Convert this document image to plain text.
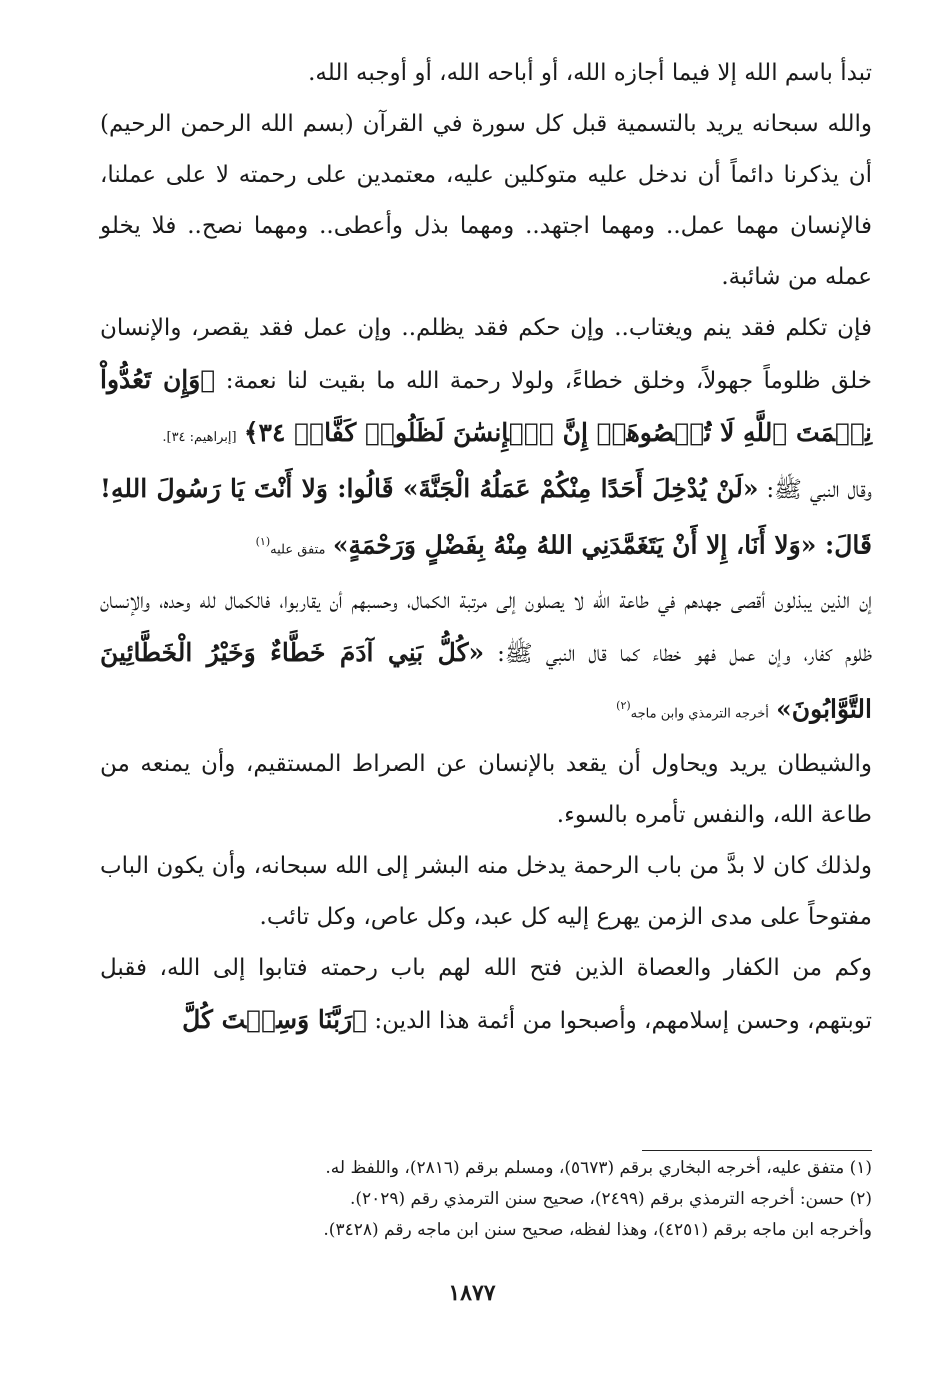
تبدأ باسم الله إلا فيما أجازه الله، أو أباحه الله، أو أوجبه الله.

والله سبحانه يريد بالتسمية قبل كل سورة في القرآن (بسم الله الرحمن الرحيم) أن يذكرنا دائماً أن ندخل عليه متوكلين عليه، معتمدين على رحمته لا على عملنا، فالإنسان مهما عمل.. ومهما اجتهد.. ومهما بذل وأعطى.. ومهما نصح.. فلا يخلو عمله من شائبة.

فإن تكلم فقد ينم ويغتاب.. وإن حكم فقد يظلم.. وإن عمل فقد يقصر، والإنسان خلق ظلوماً جهولاً، وخلق خطاءً، ولولا رحمة الله ما بقيت لنا نعمة: ﴿وَإِن تَعُدُّواْ نِعۡمَتَ ٱللَّهِ لَا تُحۡصُوهَآۗ إِنَّ ٱلۡإِنسَٰنَ لَظَلُومٞ كَفَّارٞ ٣٤﴾ [إبراهيم: ٣٤].

وقال النبي ﷺ: «لَنْ يُدْخِلَ أَحَدًا مِنْكُمْ عَمَلُهُ الْجَنَّةَ» قَالُوا: وَلا أَنْتَ يَا رَسُولَ اللهِ! قَالَ: «وَلا أَنَا، إِلا أَنْ يَتَغَمَّدَنِي اللهُ مِنْهُ بِفَضْلٍ وَرَحْمَةٍ» متفق عليه$^{(١)}$

إن الذين يبذلون أقصى جهدهم في طاعة الله لا يصلون إلى مرتبة الكمال، وحسبهم أن يقاربوا، فالكمال لله وحده، والإنسان ظلوم كفار، وإن عمل فهو خطاء كما قال النبي ﷺ: «كُلُّ بَنِي آدَمَ خَطَّاءٌ وَخَيْرُ الْخَطَّائِينَ التَّوَّابُونَ» أخرجه الترمذي وابن ماجه$^{(٢)}$

والشيطان يريد ويحاول أن يقعد بالإنسان عن الصراط المستقيم، وأن يمنعه من طاعة الله، والنفس تأمره بالسوء.

ولذلك كان لا بدَّ من باب الرحمة يدخل منه البشر إلى الله سبحانه، وأن يكون الباب مفتوحاً على مدى الزمن يهرع إليه كل عبد، وكل عاص، وكل تائب.

وكم من الكفار والعصاة الذين فتح الله لهم باب رحمته فتابوا إلى الله، فقبل توبتهم، وحسن إسلامهم، وأصبحوا من أئمة هذا الدين: ﴿رَبَّنَا وَسِعۡتَ كُلَّ

(١) متفق عليه، أخرجه البخاري برقم (٥٦٧٣)، ومسلم برقم (٢٨١٦)، واللفظ له.

(٢) حسن: أخرجه الترمذي برقم (٢٤٩٩)، صحيح سنن الترمذي رقم (٢٠٢٩).

وأخرجه ابن ماجه برقم (٤٢٥١)، وهذا لفظه، صحيح سنن ابن ماجه رقم (٣٤٢٨).

١٨٧٧
